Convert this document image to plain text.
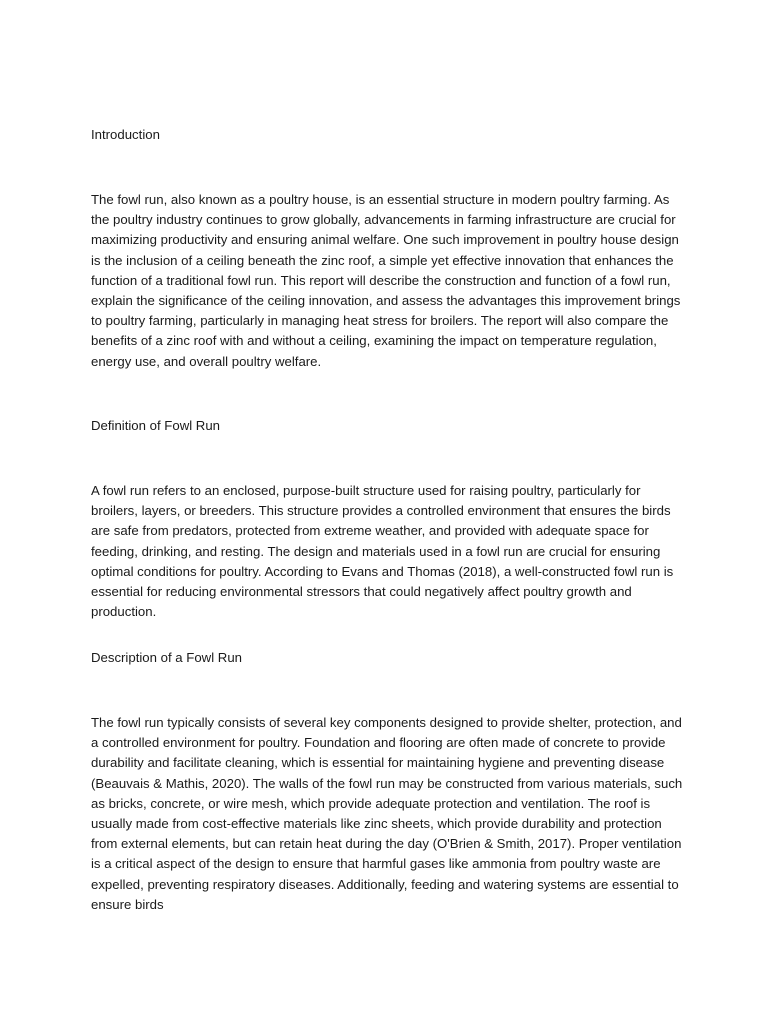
Introduction

The fowl run, also known as a poultry house, is an essential structure in modern poultry farming. As the poultry industry continues to grow globally, advancements in farming infrastructure are crucial for maximizing productivity and ensuring animal welfare. One such improvement in poultry house design is the inclusion of a ceiling beneath the zinc roof, a simple yet effective innovation that enhances the function of a traditional fowl run. This report will describe the construction and function of a fowl run, explain the significance of the ceiling innovation, and assess the advantages this improvement brings to poultry farming, particularly in managing heat stress for broilers. The report will also compare the benefits of a zinc roof with and without a ceiling, examining the impact on temperature regulation, energy use, and overall poultry welfare.

Definition of Fowl Run

A fowl run refers to an enclosed, purpose-built structure used for raising poultry, particularly for broilers, layers, or breeders. This structure provides a controlled environment that ensures the birds are safe from predators, protected from extreme weather, and provided with adequate space for feeding, drinking, and resting. The design and materials used in a fowl run are crucial for ensuring optimal conditions for poultry. According to Evans and Thomas (2018), a well-constructed fowl run is essential for reducing environmental stressors that could negatively affect poultry growth and production.

Description of a Fowl Run

The fowl run typically consists of several key components designed to provide shelter, protection, and a controlled environment for poultry. Foundation and flooring are often made of concrete to provide durability and facilitate cleaning, which is essential for maintaining hygiene and preventing disease (Beauvais & Mathis, 2020). The walls of the fowl run may be constructed from various materials, such as bricks, concrete, or wire mesh, which provide adequate protection and ventilation. The roof is usually made from cost-effective materials like zinc sheets, which provide durability and protection from external elements, but can retain heat during the day (O'Brien & Smith, 2017). Proper ventilation is a critical aspect of the design to ensure that harmful gases like ammonia from poultry waste are expelled, preventing respiratory diseases. Additionally, feeding and watering systems are essential to ensure birds
